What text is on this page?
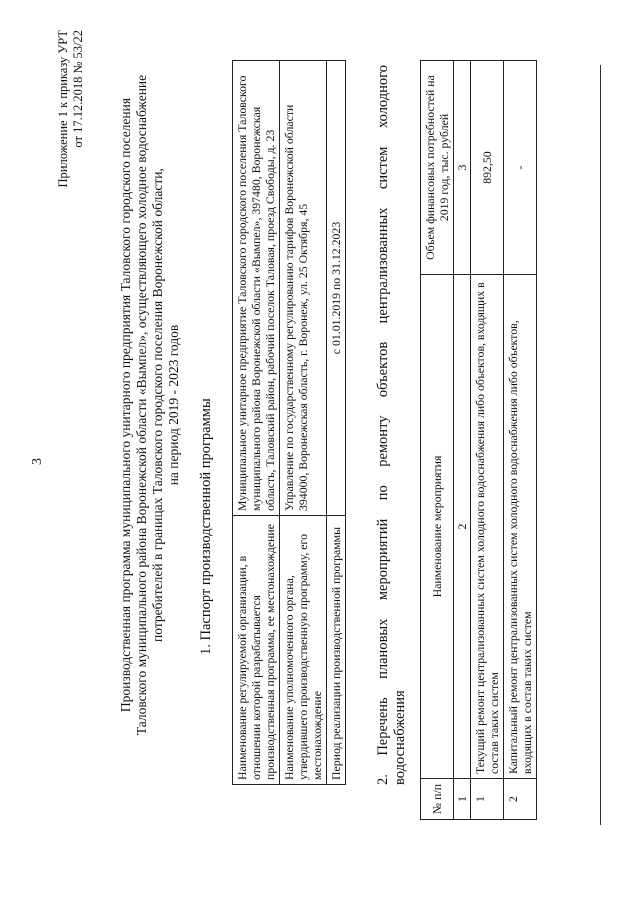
3
Приложение 1 к приказу УРТ от 17.12.2018 № 53/22
Производственная программа муниципального унитарного предприятия Таловского городского поселения Таловского муниципального района Воронежской области «Вымпел», осуществляющего холодное водоснабжение потребителей в границах Таловского городского поселения Воронежской области, на период 2019 - 2023 годов 1. Паспорт производственной программы
Наименование регулируемой организации, в отношении которой разрабатывается производственная программа, ее местонахождение	Муниципальное унитарное предприятие Таловского городского поселения Таловского муниципального района Воронежской области «Вымпел», 397480, Воронежская область, Таловский район, рабочий поселок Таловая, проезд Свободы, д. 23
Наименование уполномоченного органа, утвердившего производственную программу, его местонахождение	Управление по государственному регулированию тарифов Воронежской области 394000, Воронежская область, г. Воронеж, ул. 25 Октября, 45
Период реализации производственной программы	с 01.01.2019 по 31.12.2023 2. Перечень плановых мероприятий по ремонту объектов централизованных систем холодного водоснабжения
№ п/п	Наименование мероприятия	Объем финансовых потребностей на 2019 год, тыс. рублей
1	2	3
1	Текущий ремонт централизованных систем холодного водоснабжения либо объектов, входящих в состав таких систем	892,50
2	Капитальный ремонт централизованных систем холодного водоснабжения либо объектов, входящих в состав таких систем	-
